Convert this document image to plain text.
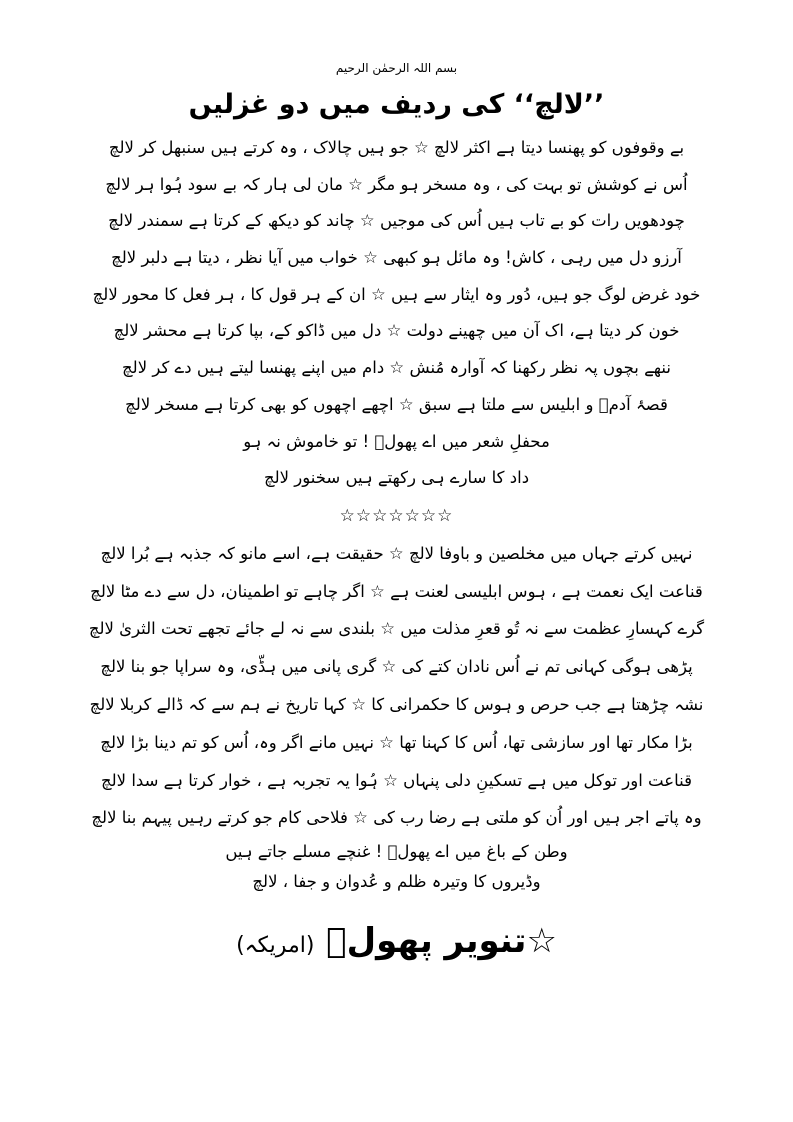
بسم اللہ الرحمٰن الرحیم
’’لالچ‘‘ کی ردیف میں دو غزلیں
بے وقوفوں کو پھنسا دیتا ہے اکثر لالچ ☆ جو ہیں چالاک ، وہ کرتے ہیں سنبھل کر لالچ
اُس نے کوشش تو بہت کی ، وہ مسخر ہو مگر ☆ مان لی ہار کہ بے سود ہُوا ہر لالچ
چودھویں رات کو بے تاب ہیں اُس کی موجیں ☆ چاند کو دیکھ کے کرتا ہے سمندر لالچ
آرزو دل میں رہی ، کاش! وہ مائل ہو کبھی ☆ خواب میں آیا نظر ، دیتا ہے دلبر لالچ
خود غرض لوگ جو ہیں، دُور وہ ایثار سے ہیں ☆ ان کے ہر قول کا ، ہر فعل کا محور لالچ
خون کر دیتا ہے، اک آن میں چھینے دولت ☆ دل میں ڈاکو کے، بپا کرتا ہے محشر لالچ
ننھے بچوں پہ نظر رکھنا کہ آوارہ مُنش ☆ دام میں اپنے پھنسا لیتے ہیں دے کر لالچ
قصۂ آدمؑ و ابلیس سے ملتا ہے سبق ☆ اچھے اچھوں کو بھی کرتا ہے مسخر لالچ
محفلِ شعر میں اے پھولؔ ! تو خاموش نہ ہو
داد کا سارے ہی رکھتے ہیں سخنور لالچ
☆☆☆☆☆☆☆
نہیں کرتے جہاں میں مخلصین و باوفا لالچ ☆ حقیقت ہے، اسے مانو کہ جذبہ ہے بُرا لالچ
قناعت ایک نعمت ہے ، ہوس ابلیسی لعنت ہے ☆ اگر چاہے تو اطمینان، دل سے دے مٹا لالچ
گرے کہسارِ عظمت سے نہ تُو قعرِ مذلت میں ☆ بلندی سے نہ لے جائے تجھے تحت الثریٰ لالچ
پڑھی ہوگی کہانی تم نے اُس نادان کتے کی ☆ گری پانی میں ہڈّی، وہ سراپا جو بنا لالچ
نشہ چڑھتا ہے جب حرص و ہوس کا حکمرانی کا ☆ کہا تاریخ نے ہم سے کہ ڈالے کربلا لالچ
بڑا مکار تھا اور سازشی تھا، اُس کا کہنا تھا ☆ نہیں مانے اگر وہ، اُس کو تم دینا بڑا لالچ
قناعت اور توکل میں ہے تسکینِ دلی پنہاں ☆ ہُوا یہ تجربہ ہے ، خوار کرتا ہے سدا لالچ
وہ پاتے اجر ہیں اور اُن کو ملتی ہے رضا رب کی ☆ فلاحی کام جو کرتے رہیں پیہم بنا لالچ
وطن کے باغ میں اے پھولؔ ! غنچے مسلے جاتے ہیں
وڈیروں کا وتیرہ ظلم و عُدوان و جفا ، لالچ
☆تنویر پھولؔ (امریکہ)
